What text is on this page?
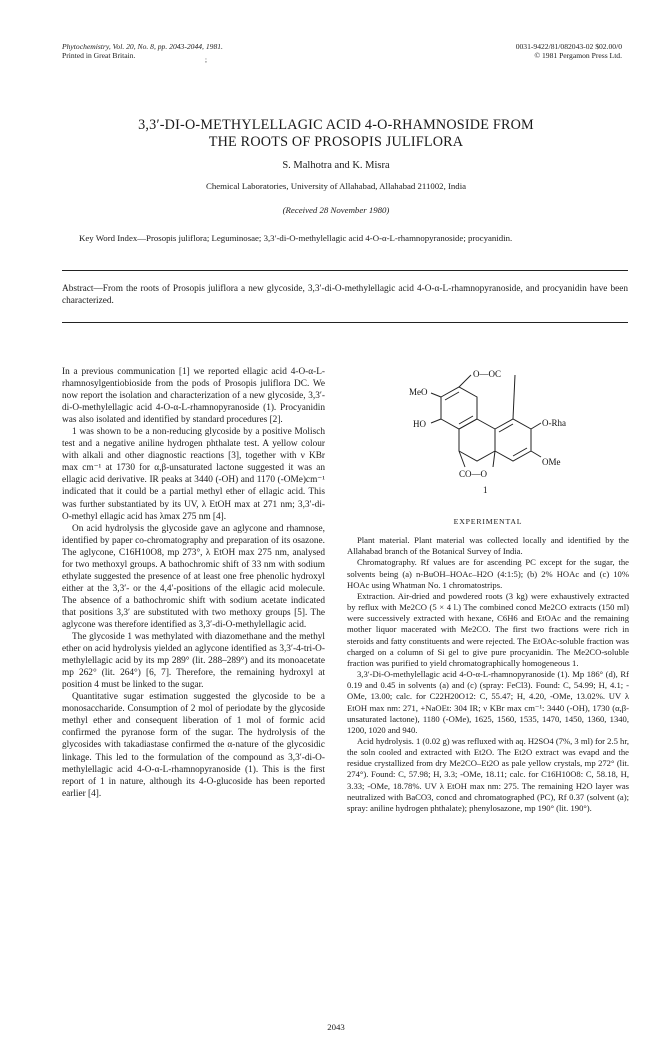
Phytochemistry, Vol. 20, No. 8, pp. 2043-2044, 1981.
Printed in Great Britain.	;
0031-9422/81/082043-02 $02.00/0
© 1981 Pergamon Press Ltd.
3,3′-DI-O-METHYLELLAGIC ACID 4-O-RHAMNOSIDE FROM
THE ROOTS OF PROSOPIS JULIFLORA
S. Malhotra and K. Misra
Chemical Laboratories, University of Allahabad, Allahabad 211002, India
(Received 28 November 1980)
Key Word Index—Prosopis juliflora; Leguminosae; 3,3′-di-O-methylellagic acid 4-O-α-L-rhamnopyranoside; procyanidin.
Abstract—From the roots of Prosopis juliflora a new glycoside, 3,3′-di-O-methylellagic acid 4-O-α-L-rhamnopyranoside, and procyanidin have been characterized.

In a previous communication [1] we reported ellagic acid 4-O-α-L-rhamnosylgentiobioside from the pods of Prosopis juliflora DC. We now report the isolation and characterization of a new glycoside, 3,3′-di-O-methylellagic acid 4-O-α-L-rhamnopyranoside (1). Procyanidin was also isolated and identified by standard procedures [2].

1 was shown to be a non-reducing glycoside by a positive Molisch test and a negative aniline hydrogen phthalate test. A yellow colour with alkali and other diagnostic reactions [3], together with ν KBr max cm⁻¹ at 1730 for α,β-unsaturated lactone suggested it was an ellagic acid derivative. IR peaks at 3440 (-OH) and 1170 (-OMe)cm⁻¹ indicated that it could be a partial methyl ether of ellagic acid. This was further substantiated by its UV, λ EtOH max at 271 nm; 3,3′-di-O-methyl ellagic acid has λmax 275 nm [4].

On acid hydrolysis the glycoside gave an aglycone and rhamnose, identified by paper co-chromatography and preparation of its osazone. The aglycone, C16H10O8, mp 273°, λ EtOH max 275 nm, analysed for two methoxyl groups. A bathochromic shift of 33 nm with sodium ethylate suggested the presence of at least one free phenolic hydroxyl either at the 3,3′- or the 4,4′-positions of the ellagic acid molecule. The absence of a bathochromic shift with sodium acetate indicated that positions 3,3′ are substituted with two methoxy groups [5]. The aglycone was therefore identified as 3,3′-di-O-methylellagic acid.

The glycoside 1 was methylated with diazomethane and the methyl ether on acid hydrolysis yielded an aglycone identified as 3,3′-4-tri-O-methylellagic acid by its mp 289° (lit. 288–289°) and its monoacetate mp 262° (lit. 264°) [6, 7]. Therefore, the remaining hydroxyl at position 4 must be linked to the sugar.

Quantitative sugar estimation suggested the glycoside to be a monosaccharide. Consumption of 2 mol of periodate by the glycoside methyl ether and consequent liberation of 1 mol of formic acid confirmed the pyranose form of the sugar. The hydrolysis of the glycosides with takadiastase confirmed the α-nature of the glycosidic linkage. This led to the formulation of the compound as 3,3′-di-O-methylellagic acid 4-O-α-L-rhamnopyranoside (1). This is the first report of 1 in nature, although its 4-O-glucoside has been reported earlier [4].

MeO
HO
O—OC
O-Rha
OMe
CO—O
1
EXPERIMENTAL

Plant material. Plant material was collected locally and identified by the Allahabad branch of the Botanical Survey of India.

Chromatography. Rf values are for ascending PC except for the sugar, the solvents being (a) n-BuOH–HOAc–H2O (4:1:5); (b) 2% HOAc and (c) 10% HOAc using Whatman No. 1 chromatostrips.

Extraction. Air-dried and powdered roots (3 kg) were exhaustively extracted by reflux with Me2CO (5 × 4 l.) The combined concd Me2CO extracts (150 ml) were successively extracted with hexane, C6H6 and EtOAc and the remaining mother liquor macerated with Me2CO. The first two fractions were rich in steroids and fatty constituents and were rejected. The EtOAc-soluble fraction was charged on a column of Si gel to give pure procyanidin. The Me2CO-soluble fraction was purified to yield chromatographically homogeneous 1.

3,3′-Di-O-methylellagic acid 4-O-α-L-rhamnopyranoside (1). Mp 186° (d), Rf 0.19 and 0.45 in solvents (a) and (c) (spray: FeCl3). Found: C, 54.99; H, 4.1; -OMe, 13.00; calc. for C22H20O12: C, 55.47; H, 4.20, -OMe, 13.02%. UV λ EtOH max nm: 271, +NaOEt: 304 IR; ν KBr max cm⁻¹: 3440 (-OH), 1730 (α,β-unsaturated lactone), 1180 (-OMe), 1625, 1560, 1535, 1470, 1450, 1360, 1340, 1200, 1020 and 940.

Acid hydrolysis. 1 (0.02 g) was refluxed with aq. H2SO4 (7%, 3 ml) for 2.5 hr, the soln cooled and extracted with Et2O. The Et2O extract was evapd and the residue crystallized from dry Me2CO–Et2O as pale yellow crystals, mp 272° (lit. 274°). Found: C, 57.98; H, 3.3; -OMe, 18.11; calc. for C16H10O8: C, 58.18, H, 3.33; -OMe, 18.78%. UV λ EtOH max nm: 275. The remaining H2O layer was neutralized with BaCO3, concd and chromatographed (PC), Rf 0.37 (solvent (a); spray: aniline hydrogen phthalate); phenylosazone, mp 190° (lit. 190°).

2043
